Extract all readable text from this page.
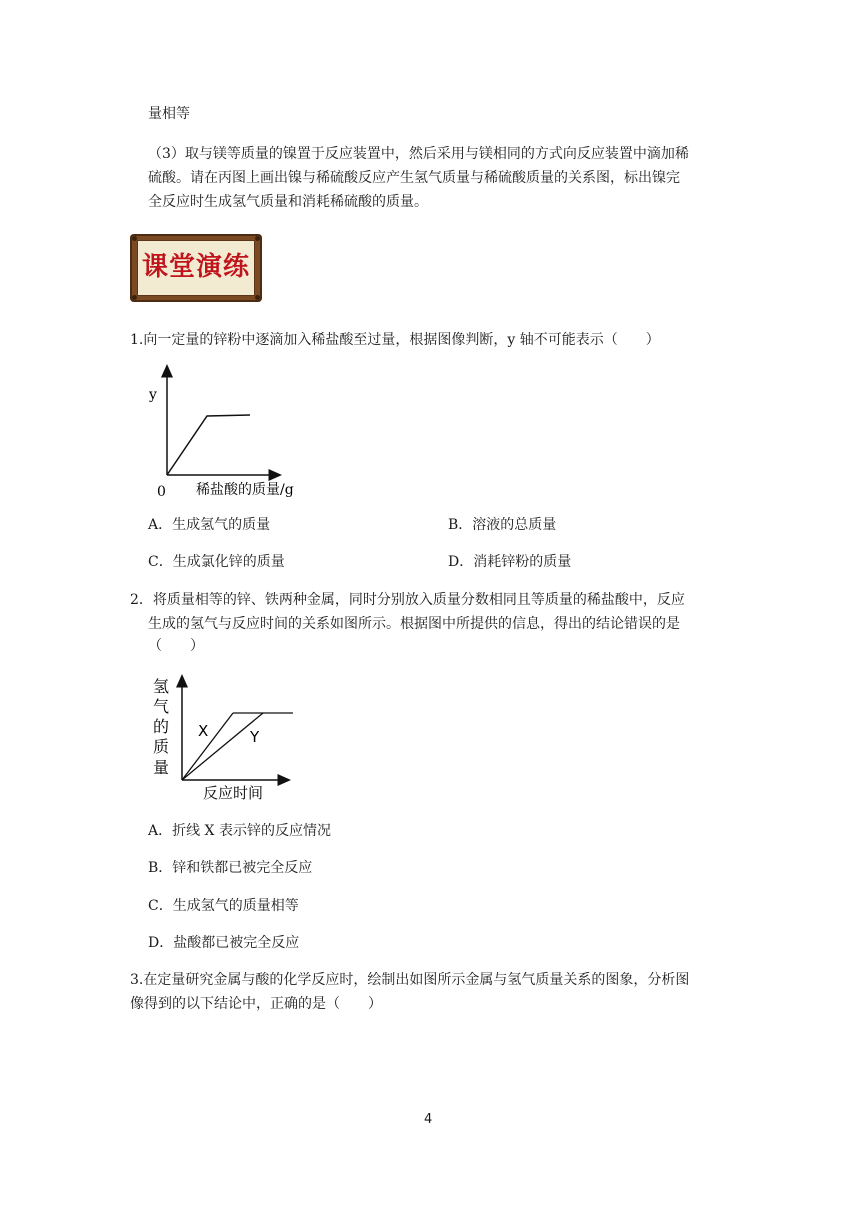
量相等
（3）取与镁等质量的镍置于反应装置中，然后采用与镁相同的方式向反应装置中滴加稀
硫酸。请在丙图上画出镍与稀硫酸反应产生氢气质量与稀硫酸质量的关系图，标出镍完
全反应时生成氢气质量和消耗稀硫酸的质量。
课堂演练
1.向一定量的锌粉中逐滴加入稀盐酸至过量，根据图像判断，y 轴不可能表示（　　）
y
0 稀盐酸的质量/g
A．生成氢气的质量	B．溶液的总质量
C．生成氯化锌的质量	D．消耗锌粉的质量
2．将质量相等的锌、铁两种金属，同时分别放入质量分数相同且等质量的稀盐酸中，反应
生成的氢气与反应时间的关系如图所示。根据图中所提供的信息，得出的结论错误的是
（　　）
X	Y
氢
气
的
质
量
反应时间
A．折线 X 表示锌的反应情况
B．锌和铁都已被完全反应
C．生成氢气的质量相等
D．盐酸都已被完全反应
3.在定量研究金属与酸的化学反应时，绘制出如图所示金属与氢气质量关系的图象，分析图
像得到的以下结论中，正确的是（　　）
4
